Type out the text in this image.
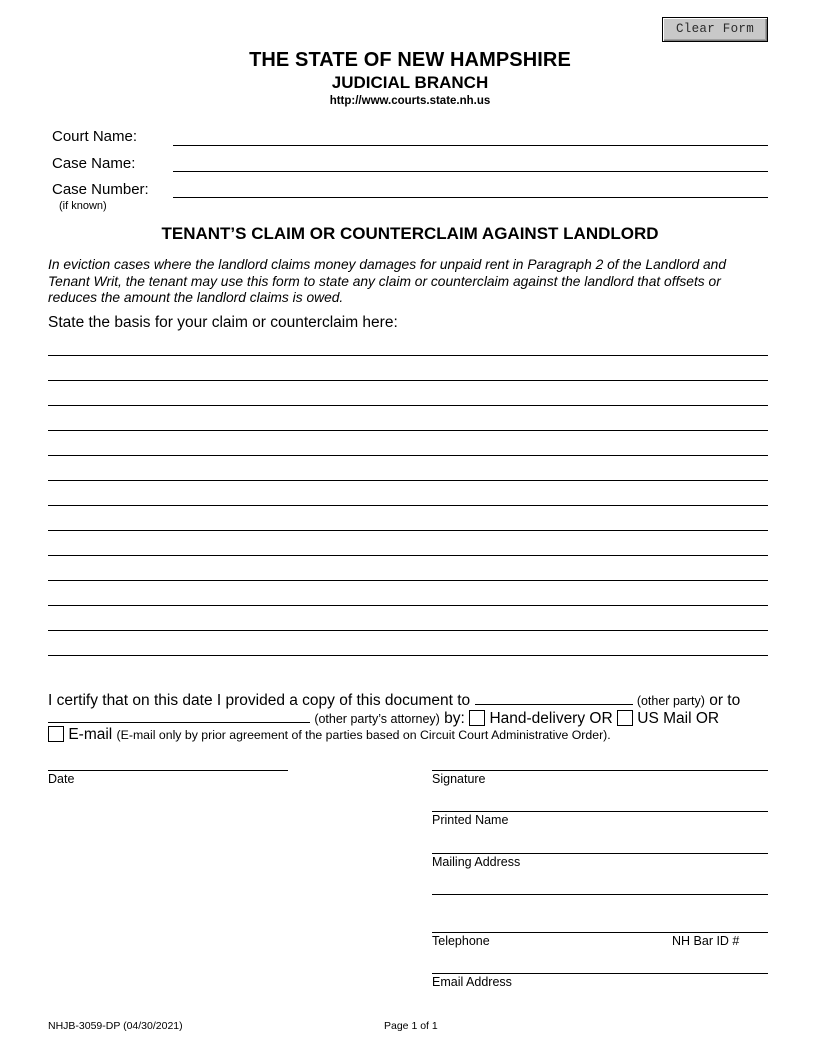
Clear Form
THE STATE OF NEW HAMPSHIRE
JUDICIAL BRANCH
http://www.courts.state.nh.us
Court Name:
Case Name:
Case Number:
(if known)
TENANT’S CLAIM OR COUNTERCLAIM AGAINST LANDLORD
In eviction cases where the landlord claims money damages for unpaid rent in Paragraph 2 of the Landlord and Tenant Writ, the tenant may use this form to state any claim or counterclaim against the landlord that offsets or reduces the amount the landlord claims is owed.
State the basis for your claim or counterclaim here:
I certify that on this date I provided a copy of this document to	(other party) or to
(other party’s attorney) by: Hand-delivery OR US Mail OR
E-mail (E-mail only by prior agreement of the parties based on Circuit Court Administrative Order).
Date	Signature
Printed Name
Mailing Address
Telephone	NH Bar ID #
Email Address
NHJB-3059-DP (04/30/2021)	Page 1 of 1
